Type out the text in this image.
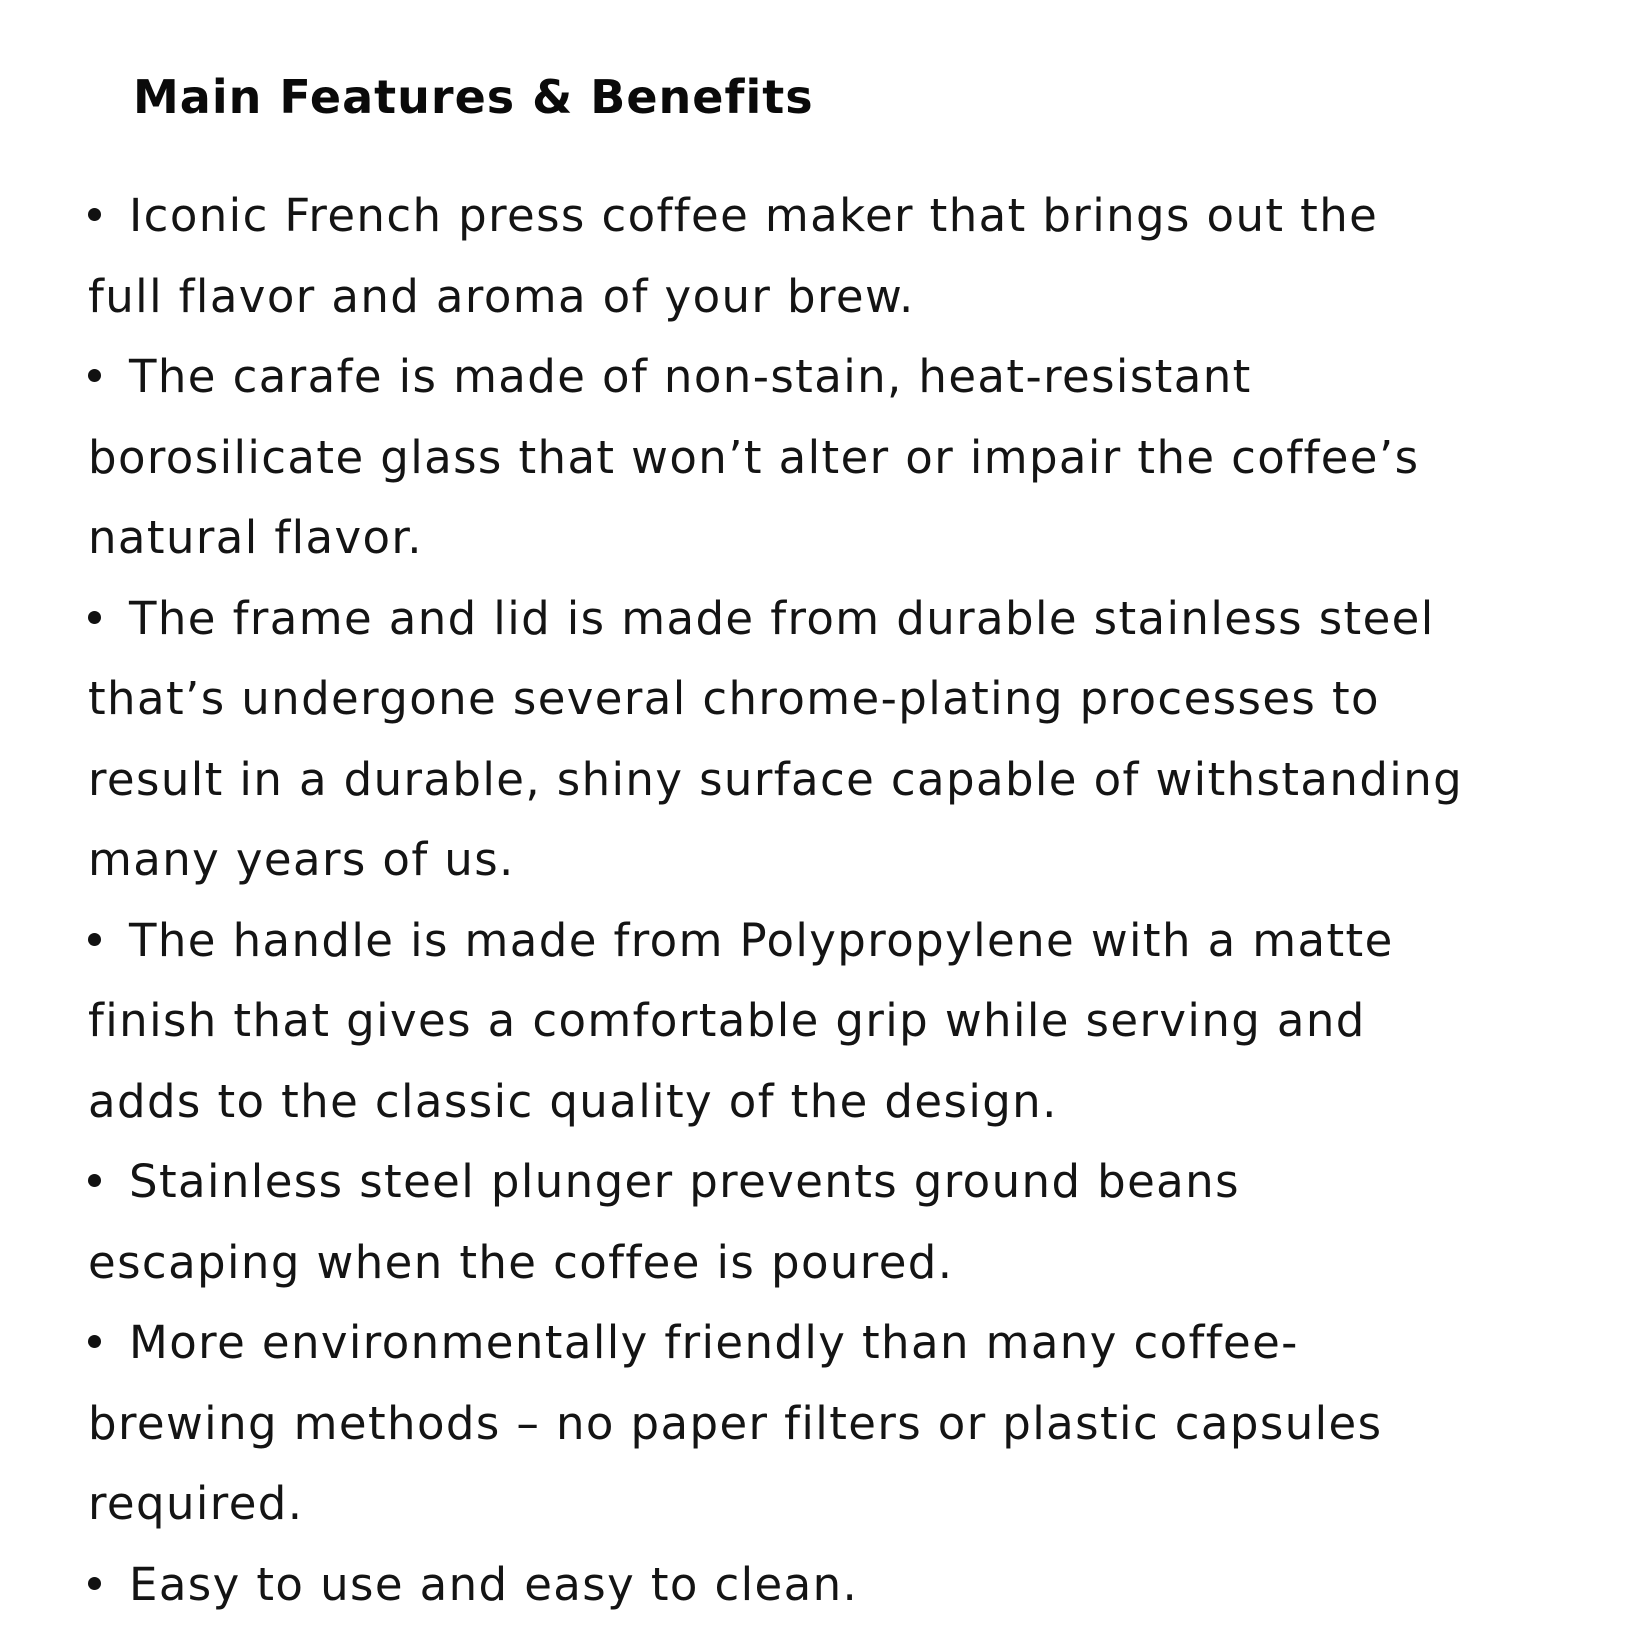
Main Features & Benefits
Iconic French press coffee maker that brings out the full flavor and aroma of your brew.
The carafe is made of non-stain, heat-resistant borosilicate glass that won’t alter or impair the coffee’s natural flavor.
The frame and lid is made from durable stainless steel that’s undergone several chrome-plating processes to result in a durable, shiny surface capable of withstanding many years of us.
The handle is made from Polypropylene with a matte finish that gives a comfortable grip while serving and adds to the classic quality of the design.
Stainless steel plunger prevents ground beans escaping when the coffee is poured.
More environmentally friendly than many coffee-brewing methods – no paper filters or plastic capsules required.
Easy to use and easy to clean.
